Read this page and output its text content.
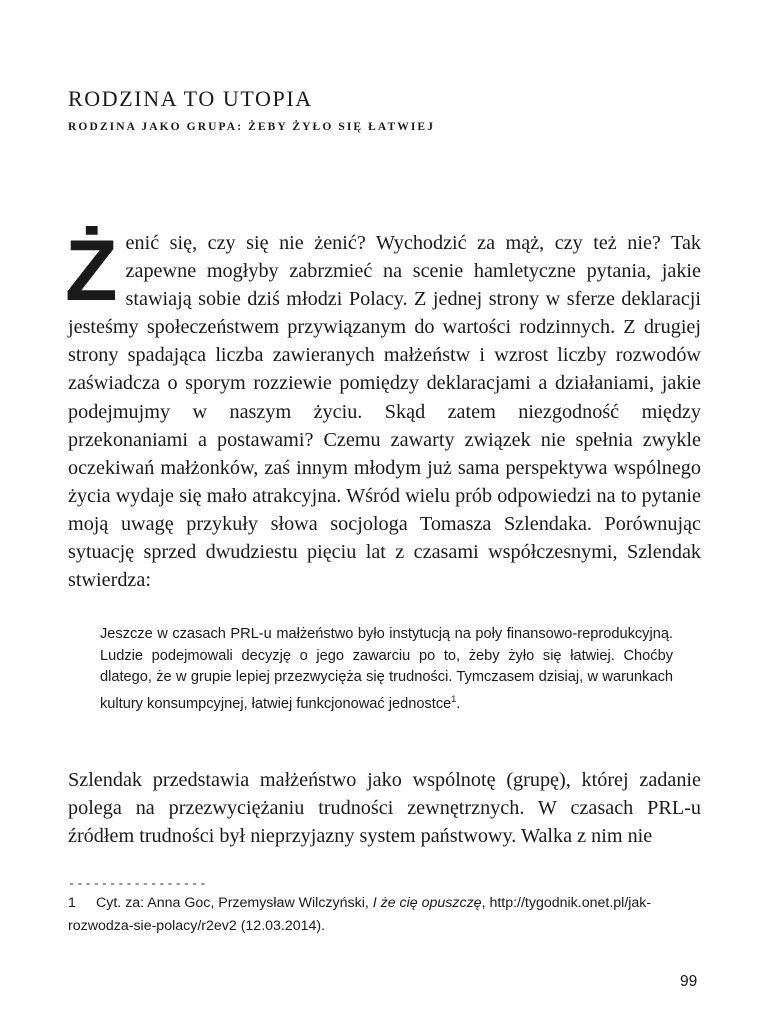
RODZINA TO UTOPIA
RODZINA JAKO GRUPA: ŻEBY ŻYŁO SIĘ ŁATWIEJ

Żenić się, czy się nie żenić? Wychodzić za mąż, czy też nie? Tak zapewne mogłyby zabrzmieć na scenie hamletyczne pytania, jakie stawiają sobie dziś młodzi Polacy. Z jednej strony w sferze deklaracji jesteśmy społeczeństwem przywiązanym do wartości rodzinnych. Z drugiej strony spadająca liczba zawieranych małżeństw i wzrost liczby rozwodów zaświadcza o sporym rozziewie pomiędzy deklaracjami a działaniami, jakie podejmujmy w naszym życiu. Skąd zatem niezgodność między przekonaniami a postawami? Czemu zawarty związek nie spełnia zwykle oczekiwań małżonków, zaś innym młodym już sama perspektywa wspólnego życia wydaje się mało atrakcyjna. Wśród wielu prób odpowiedzi na to pytanie moją uwagę przykuły słowa socjologa Tomasza Szlendaka. Porównując sytuację sprzed dwudziestu pięciu lat z czasami współczesnymi, Szlendak stwierdza:

Jeszcze w czasach PRL-u małżeństwo było instytucją na poły finansowo-reprodukcyjną. Ludzie podejmowali decyzję o jego zawarciu po to, żeby żyło się łatwiej. Choćby dlatego, że w grupie lepiej przezwycięża się trudności. Tymczasem dzisiaj, w warunkach kultury konsumpcyjnej, łatwiej funkcjonować jednostce$^1$.

Szlendak przedstawia małżeństwo jako wspólnotę (grupę), której zadanie polega na przezwyciężaniu trudności zewnętrznych. W czasach PRL-u źródłem trudności był nieprzyjazny system państwowy. Walka z nim nie

-----------------

1 Cyt. za: Anna Goc, Przemysław Wilczyński, I że cię opuszczę, http://tygodnik.onet.pl/jak-rozwodza-sie-polacy/r2ev2 (12.03.2014).

99
